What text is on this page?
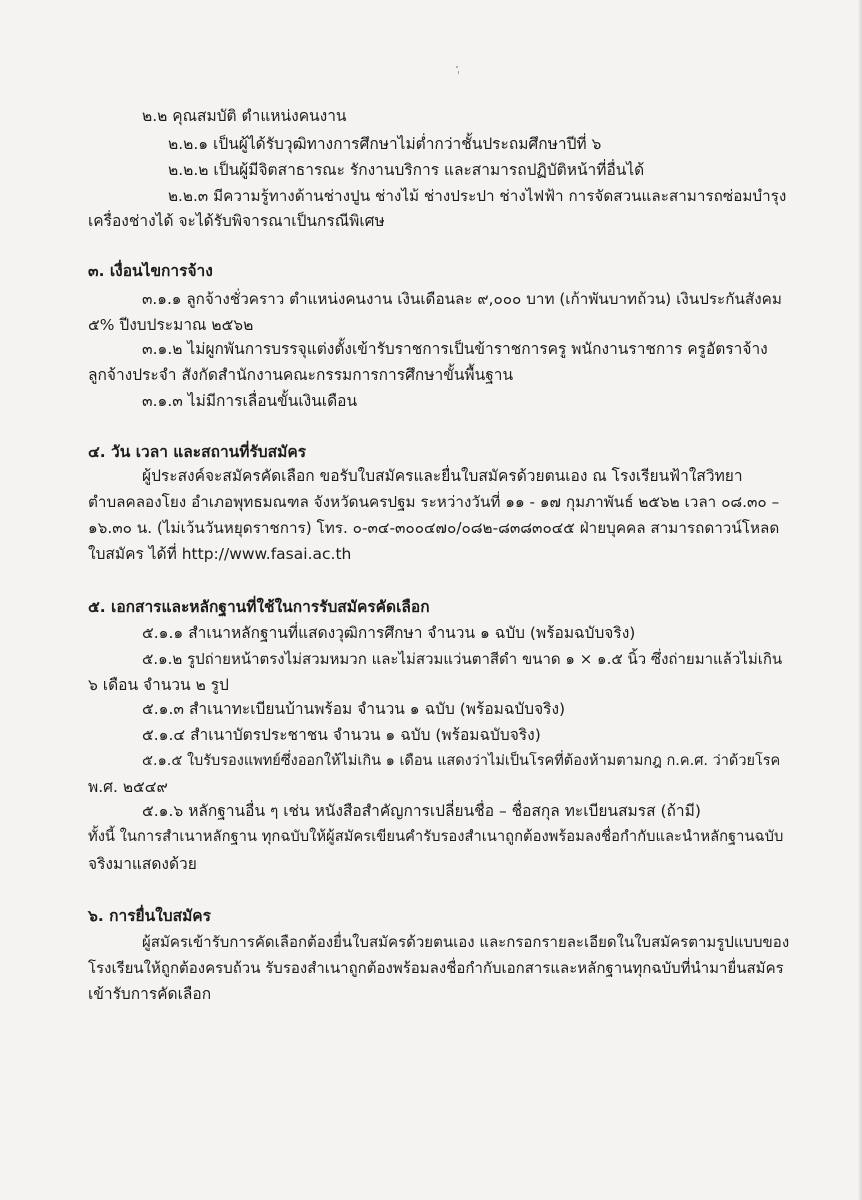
๒.๒ คุณสมบัติ ตำแหน่งคนงาน
๒.๒.๑ เป็นผู้ได้รับวุฒิทางการศึกษาไม่ต่ำกว่าชั้นประถมศึกษาปีที่ ๖
๒.๒.๒ เป็นผู้มีจิตสาธารณะ รักงานบริการ และสามารถปฏิบัติหน้าที่อื่นได้
๒.๒.๓ มีความรู้ทางด้านช่างปูน ช่างไม้ ช่างประปา ช่างไฟฟ้า การจัดสวนและสามารถซ่อมบำรุง
เครื่องช่างได้ จะได้รับพิจารณาเป็นกรณีพิเศษ
๓. เงื่อนไขการจ้าง
๓.๑.๑ ลูกจ้างชั่วคราว ตำแหน่งคนงาน เงินเดือนละ ๙,๐๐๐ บาท (เก้าพันบาทถ้วน) เงินประกันสังคม
๕% ปีงบประมาณ ๒๕๖๒
๓.๑.๒ ไม่ผูกพันการบรรจุแต่งตั้งเข้ารับราชการเป็นข้าราชการครู พนักงานราชการ ครูอัตราจ้าง
ลูกจ้างประจำ สังกัดสำนักงานคณะกรรมการการศึกษาขั้นพื้นฐาน
๓.๑.๓ ไม่มีการเลื่อนขั้นเงินเดือน
๔. วัน เวลา และสถานที่รับสมัคร
ผู้ประสงค์จะสมัครคัดเลือก ขอรับใบสมัครและยื่นใบสมัครด้วยตนเอง ณ โรงเรียนฟ้าใสวิทยา
ตำบลคลองโยง อำเภอพุทธมณฑล จังหวัดนครปฐม ระหว่างวันที่ ๑๑ - ๑๗ กุมภาพันธ์ ๒๕๖๒ เวลา ๐๘.๓๐ –
๑๖.๓๐ น. (ไม่เว้นวันหยุดราชการ) โทร. ๐-๓๔-๓๐๐๔๗๐/๐๘๒-๘๓๘๓๐๔๕ ฝ่ายบุคคล สามารถดาวน์โหลด
ใบสมัคร ได้ที่ http://www.fasai.ac.th
๕. เอกสารและหลักฐานที่ใช้ในการรับสมัครคัดเลือก
๕.๑.๑ สำเนาหลักฐานที่แสดงวุฒิการศึกษา จำนวน ๑ ฉบับ (พร้อมฉบับจริง)
๕.๑.๒ รูปถ่ายหน้าตรงไม่สวมหมวก และไม่สวมแว่นตาสีดำ ขนาด ๑ × ๑.๕ นิ้ว ซึ่งถ่ายมาแล้วไม่เกิน
๖ เดือน จำนวน ๒ รูป
๕.๑.๓ สำเนาทะเบียนบ้านพร้อม จำนวน ๑ ฉบับ (พร้อมฉบับจริง)
๕.๑.๔ สำเนาบัตรประชาชน จำนวน ๑ ฉบับ (พร้อมฉบับจริง)
๕.๑.๕ ใบรับรองแพทย์ซึ่งออกให้ไม่เกิน ๑ เดือน แสดงว่าไม่เป็นโรคที่ต้องห้ามตามกฎ ก.ค.ศ. ว่าด้วยโรค
พ.ศ. ๒๕๔๙
๕.๑.๖ หลักฐานอื่น ๆ เช่น หนังสือสำคัญการเปลี่ยนชื่อ – ชื่อสกุล ทะเบียนสมรส (ถ้ามี)
ทั้งนี้ ในการสำเนาหลักฐาน ทุกฉบับให้ผู้สมัครเขียนคำรับรองสำเนาถูกต้องพร้อมลงชื่อกำกับและนำหลักฐานฉบับ
จริงมาแสดงด้วย
๖. การยื่นใบสมัคร
ผู้สมัครเข้ารับการคัดเลือกต้องยื่นใบสมัครด้วยตนเอง และกรอกรายละเอียดในใบสมัครตามรูปแบบของ
โรงเรียนให้ถูกต้องครบถ้วน รับรองสำเนาถูกต้องพร้อมลงชื่อกำกับเอกสารและหลักฐานทุกฉบับที่นำมายื่นสมัคร
เข้ารับการคัดเลือก
